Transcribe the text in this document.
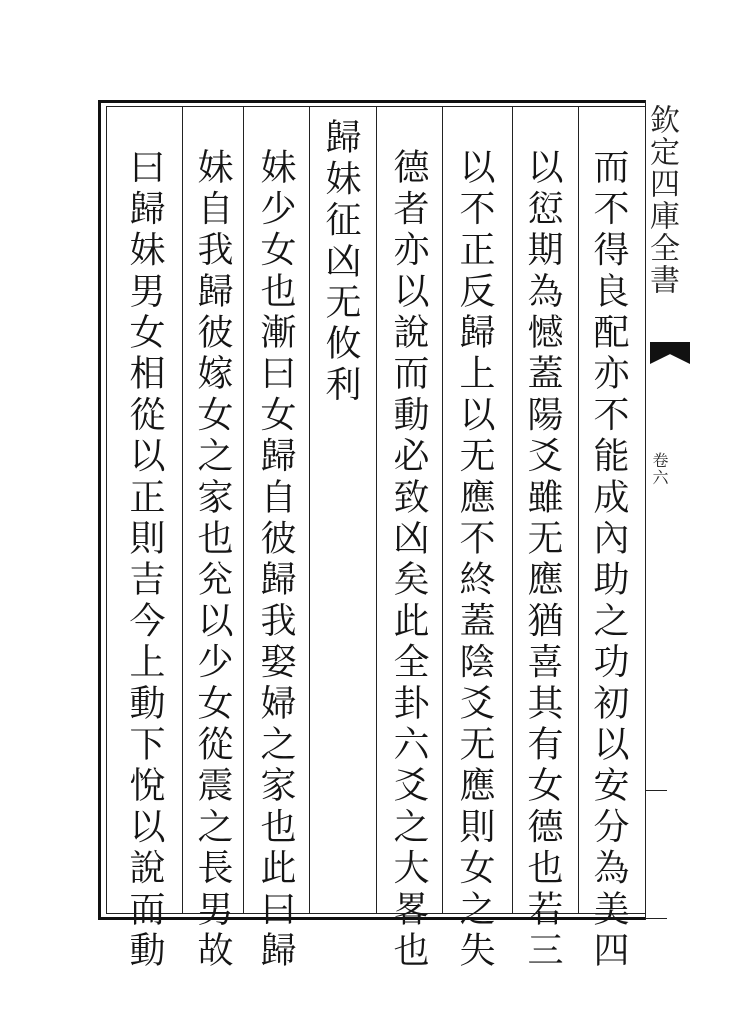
而不得良配亦不能成內助之功初以安分為美四
以愆期為憾蓋陽爻雖无應猶喜其有女德也若三
以不正反歸上以无應不終蓋陰爻无應則女之失
德者亦以說而動必致凶矣此全卦六爻之大畧也
歸妹征凶无攸利
妹少女也漸曰女歸自彼歸我娶婦之家也此曰歸
妹自我歸彼嫁女之家也兊以少女從震之長男故
曰歸妹男女相從以正則吉今上動下悅以說而動	欽定四庫全書
卷六
